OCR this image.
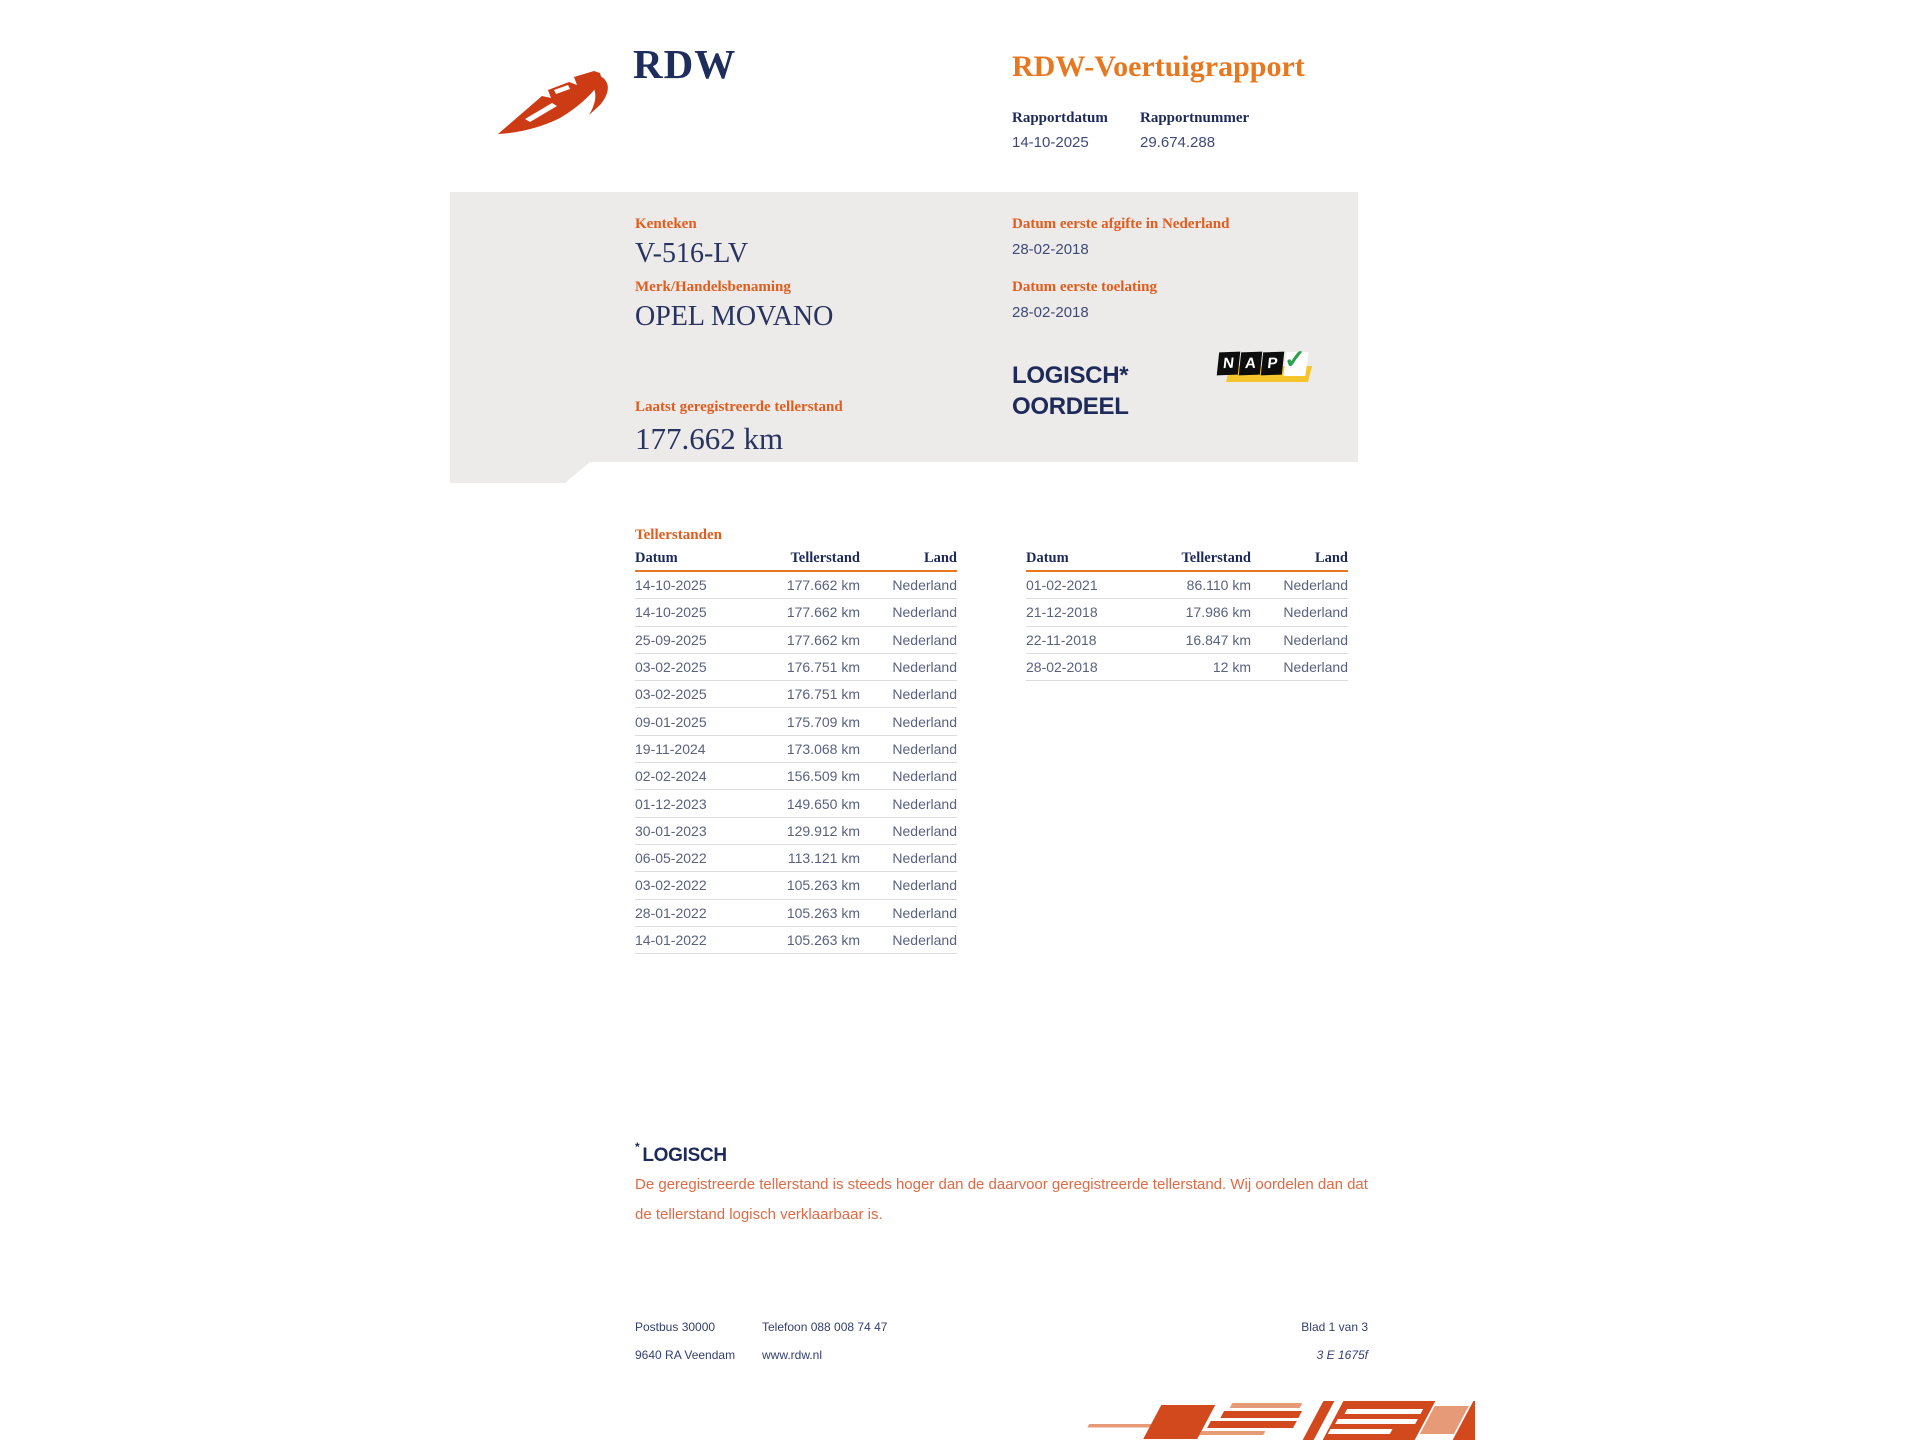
RDW	RDW-Voertuigrapport
Rapportdatum Rapportnummer
14-10-2025	29.674.288
Kenteken
V-516-LV
Merk/Handelsbenaming
OPEL MOVANO
Laatst geregistreerde tellerstand
177.662 km
Datum eerste afgifte in Nederland
28-02-2018
Datum eerste toelating
28-02-2018
LOGISCH*
OORDEEL
N A P ✓
Tellerstanden
Datum	Tellerstand	Land
14-10-2025	177.662 km	Nederland
14-10-2025	177.662 km	Nederland
25-09-2025	177.662 km	Nederland
03-02-2025	176.751 km	Nederland
03-02-2025	176.751 km	Nederland
09-01-2025	175.709 km	Nederland
19-11-2024	173.068 km	Nederland
02-02-2024	156.509 km	Nederland
01-12-2023	149.650 km	Nederland
30-01-2023	129.912 km	Nederland
06-05-2022	113.121 km	Nederland
03-02-2022	105.263 km	Nederland
28-01-2022	105.263 km	Nederland
14-01-2022	105.263 km	Nederland
Datum	Tellerstand	Land
01-02-2021	86.110 km	Nederland
21-12-2018	17.986 km	Nederland
22-11-2018	16.847 km	Nederland
28-02-2018	12 km	Nederland
* LOGISCH
De geregistreerde tellerstand is steeds hoger dan de daarvoor geregistreerde tellerstand. Wij oordelen dan dat de tellerstand logisch verklaarbaar is.
Postbus 30000
9640 RA Veendam
Telefoon 088 008 74 47
www.rdw.nl
Blad 1 van 3
3 E 1675f
